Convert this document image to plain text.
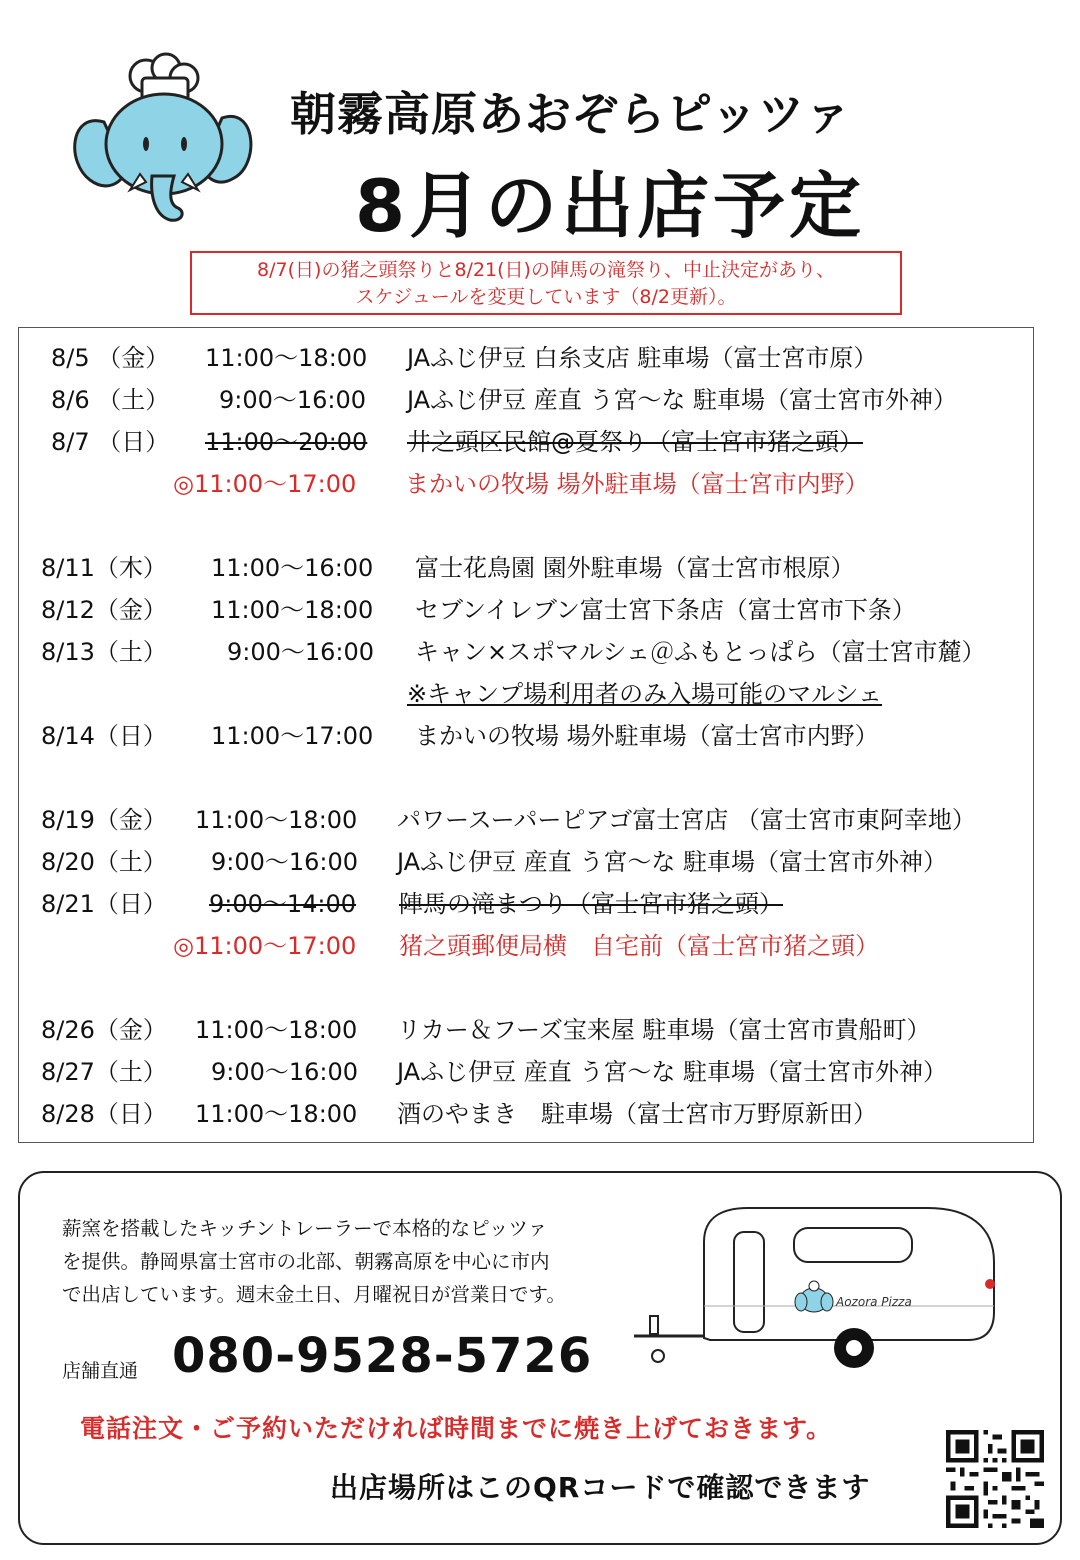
朝霧高原あおぞらピッツァ
8月の出店予定
8/7(日)の猪之頭祭りと8/21(日)の陣馬の滝祭り、中止決定があり、
スケジュールを変更しています（8/2更新）。
8/5 （金） 11:00〜18:00 JAふじ伊豆 白糸支店 駐車場（富士宮市原）
8/6 （土） 9:00〜16:00 JAふじ伊豆 産直 う宮〜な 駐車場（富士宮市外神）
8/7 （日） 11:00〜20:00 井之頭区民館@夏祭り（富士宮市猪之頭）
◎11:00〜17:00 まかいの牧場 場外駐車場（富士宮市内野）
8/11（木） 11:00〜16:00 富士花鳥園 園外駐車場（富士宮市根原）
8/12（金） 11:00〜18:00 セブンイレブン富士宮下条店（富士宮市下条）
8/13（土）	9:00〜16:00 キャン×スポマルシェ＠ふもとっぱら（富士宮市麓）
※キャンプ場利用者のみ入場可能のマルシェ
8/14（日） 11:00〜17:00 まかいの牧場 場外駐車場（富士宮市内野）
8/19（金） 11:00〜18:00 パワースーパーピアゴ富士宮店 （富士宮市東阿幸地）
8/20（土） 9:00〜16:00 JAふじ伊豆 産直 う宮〜な 駐車場（富士宮市外神）
8/21（日） 9:00〜14:00 陣馬の滝まつり（富士宮市猪之頭）
◎11:00〜17:00 猪之頭郵便局横　自宅前（富士宮市猪之頭）
8/26（金） 11:00〜18:00 リカー＆フーズ宝来屋 駐車場（富士宮市貴船町）
8/27（土） 9:00〜16:00 JAふじ伊豆 産直 う宮〜な 駐車場（富士宮市外神）
8/28（日） 11:00〜18:00 酒のやまき　駐車場（富士宮市万野原新田）
薪窯を搭載したキッチントレーラーで本格的なピッツァ
を提供。静岡県富士宮市の北部、朝霧高原を中心に市内
で出店しています。週末金土日、月曜祝日が営業日です。
店舗直通 080-9528-5726
電話注文・ご予約いただければ時間までに焼き上げておきます。
出店場所はこのQRコードで確認できます
Aozora Pizza
